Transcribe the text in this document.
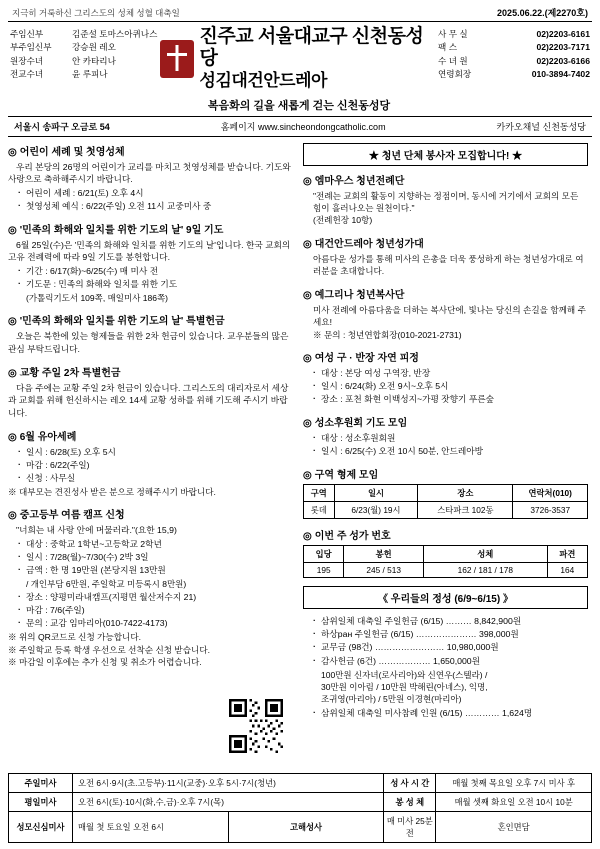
지극히 거룩하신 그리스도의 성체 성혈 대축일	2025.06.22.(제2270호)
주임신부	김준설 토마스아퀴나스
부주임신부	강승원 레오
원장수녀	안 카타리나
전교수녀	윤 루피나
진주교 서울대교구 신천동성당
성김대건안드레아
복음화의 길을 새롭게 걷는 신천동성당
사 무 실	02)2203-6161
팩 스	02)2203-7171
수 녀 원	02)2203-6166
연령회장	010-3894-7402
서울시 송파구 오금로 54	홈페이지 www.sincheondongcatholic.com	카카오채널 신천동성당
◎ 어린이 세례 및 첫영성체
우리 본당의 26명의 어린이가 교리를 마치고 첫영성체를 받습니다. 기도와 사랑으로 축하해주시기 바랍니다.
· 어린이 세례 : 6/21(토) 오후 4시
· 첫영성체 예식 : 6/22(주일) 오전 11시 교중미사 중
◎ '민족의 화해와 일치를 위한 기도의 날' 9일 기도
6월 25일(수)은 '민족의 화해와 일치를 위한 기도의 날'입니다. 한국 교회의 고유 전례력에 따라 9일 기도를 봉헌합니다.
· 기간 : 6/17(화)~6/25(수) 매 미사 전
· 기도문 : 민족의 화해와 일치를 위한 기도
(가톨릭기도서 109쪽, 매일미사 186쪽)
◎ '민족의 화해와 일치를 위한 기도의 날' 특별헌금
오늘은 북한에 있는 형제들을 위한 2차 헌금이 있습니다. 교우분들의 많은 관심 부탁드립니다.
◎ 교황 주일 2차 특별헌금
다음 주에는 교황 주일 2차 헌금이 있습니다. 그리스도의 대리자로서 세상과 교회를 위해 헌신하시는 레오 14세 교황 성하를 위해 기도해 주시기 바랍니다.
◎ 6월 유아세례
· 일시 : 6/28(토) 오후 5시
· 마감 : 6/22(주일)
· 신청 : 사무실
※ 대부모는 견진성사 받은 분으로 정해주시기 바랍니다.
◎ 중고등부 여름 캠프 신청
"너희는 내 사랑 안에 머물러라."(요한 15,9)
· 대상 : 중학교 1학년~고등학교 2학년
· 일시 : 7/28(월)~7/30(수) 2박 3일
· 금액 : 한 명 19만원 (본당지원 13만원
/ 개인부담 6만원, 주일학교 미등록시 8만원)
· 장소 : 양평미라내캠프(지평면 월산저수지 21)
· 마감 : 7/6(주일)
· 문의 : 교감 임마리아(010-7422-4173)
※ 위의 QR코드로 신청 가능합니다.
※ 주일학교 등록 학생 우선으로 선착순 신청 받습니다.
※ 마감일 이후에는 추가 신청 및 취소가 어렵습니다.
★ 청년 단체 봉사자 모집합니다! ★
◎ 엠마우스 청년전례단
"전례는 교회의 활동이 지향하는 정점이며, 동시에 거기에서 교회의 모든 힘이 흘러나오는 원천이다."
(전례헌장 10항)
◎ 대건안드레아 청년성가대
아름다운 성가를 통해 미사의 은총을 더욱 풍성하게 하는 청년성가대로 여러분을 초대합니다.
◎ 예그리나 청년복사단
미사 전례에 아름다움을 더하는 복사단에, 빛나는 당신의 손길을 함께해 주세요!
※ 문의 : 청년연합회장(010-2021-2731)
◎ 여성 구 · 반장 자연 피정
· 대상 : 본당 여성 구역장, 반장
· 일시 : 6/24(화) 오전 9시~오후 5시
· 장소 : 포천 화현 이백성지~가평 잣향기 푸른숲
◎ 성소후원회 기도 모임
· 대상 : 성소후원회원
· 일시 : 6/25(수) 오전 10시 50분, 안드레아방
◎ 구역 형제 모임
구역	일시	장소	연락처(010)
롯데	6/23(월) 19시	스타파크 102동	3726-3537
◎ 이번 주 성가 번호
입당	봉헌	성체	파견
195	245 / 513	162 / 181 / 178	164
《 우리들의 정성 (6/9~6/15) 》
· 삼위일체 대축일 주일헌금 (6/15) ……… 8,842,900원
· 하상ран 주일헌금 (6/15) ………………… 398,000원
· 교무금 (98건) …………………… 10,980,000원
· 감사헌금 (6건) ……………… 1,650,000원
100만원 신자녀(로사리아)와 신연우(스텔라) /
30만원 이아림 / 10만원 박해린(아네스), 익명,
조귀영(마리아) / 5만원 이경현(마리아)
· 삼위일체 대축일 미사참례 인원 (6/15) ………… 1,624명
주일미사	오전 6시·9시(초.고등부)·11시(교중)·오후 5시·7시(청년)		성 사 시 간	매월 첫째 목요일 오후 7시 미사 후
평일미사	오전 6시(토)·10시(화,수,금)·오후 7시(목)		봉 성 체	매월 셋째 화요일 오전 10시 10분
성모신심미사	매월 첫 토요일 오전 6시	고해성사	매 미사 25분 전	혼인면담
